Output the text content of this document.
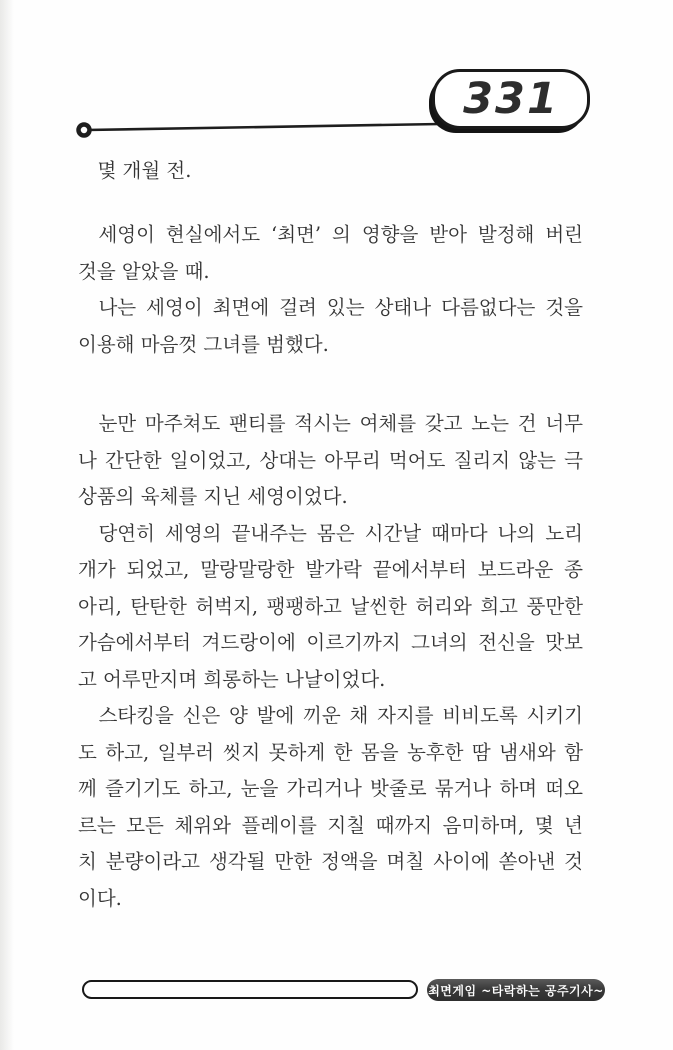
331
몇 개월 전.
세영이 현실에서도 ‘최면’ 의 영향을 받아 발정해 버린
것을 알았을 때.
나는 세영이 최면에 걸려 있는 상태나 다름없다는 것을
이용해 마음껏 그녀를 범했다.
눈만 마주쳐도 팬티를 적시는 여체를 갖고 노는 건 너무
나 간단한 일이었고, 상대는 아무리 먹어도 질리지 않는 극
상품의 육체를 지닌 세영이었다.
당연히 세영의 끝내주는 몸은 시간날 때마다 나의 노리
개가 되었고, 말랑말랑한 발가락 끝에서부터 보드라운 종
아리, 탄탄한 허벅지, 팽팽하고 날씬한 허리와 희고 풍만한
가슴에서부터 겨드랑이에 이르기까지 그녀의 전신을 맛보
고 어루만지며 희롱하는 나날이었다.
스타킹을 신은 양 발에 끼운 채 자지를 비비도록 시키기
도 하고, 일부러 씻지 못하게 한 몸을 농후한 땀 냄새와 함
께 즐기기도 하고, 눈을 가리거나 밧줄로 묶거나 하며 떠오
르는 모든 체위와 플레이를 지칠 때까지 음미하며, 몇 년
치 분량이라고 생각될 만한 정액을 며칠 사이에 쏟아낸 것
이다.
최면게임 ~타락하는 공주기사~
